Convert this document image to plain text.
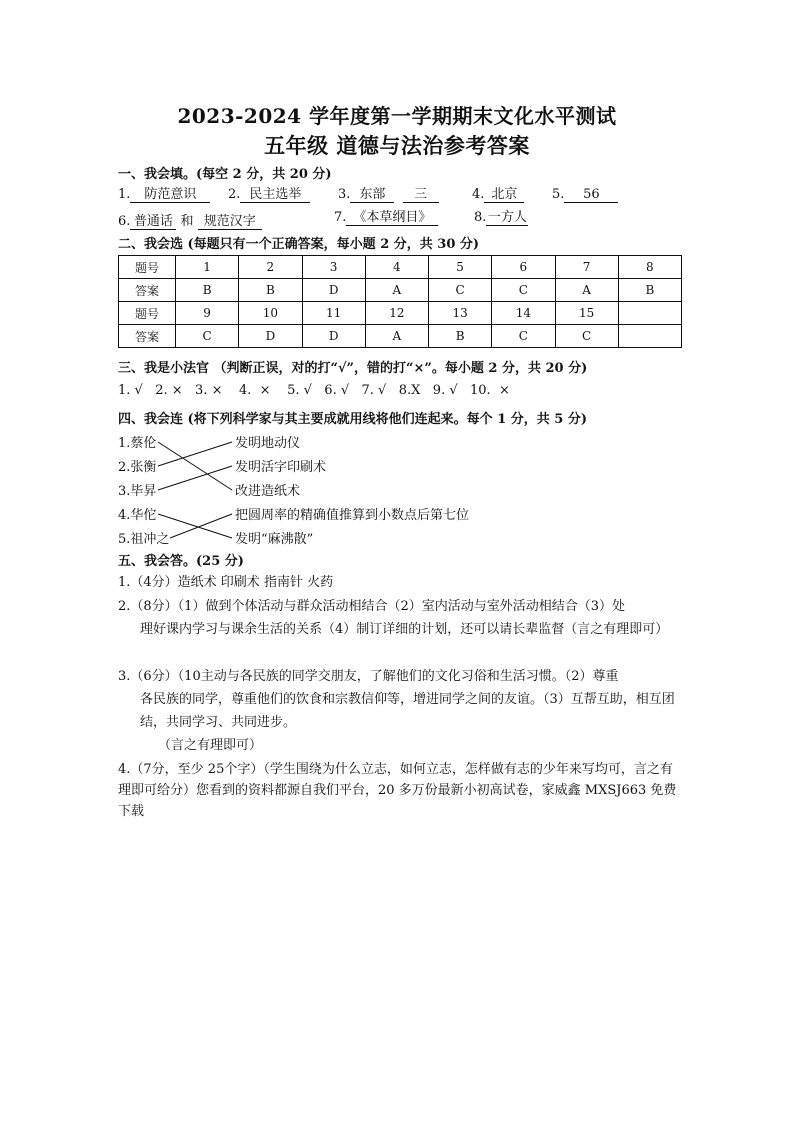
2023-2024 学年度第一学期期末文化水平测试
五年级 道德与法治参考答案
一、我会填。(每空 2 分，共 20 分)
1. 防范意识	2. 民主选举	3. 东部 三	4. 北京	5. 56
6. 普通话 和 规范汉字	7. 《本草纲目》	8.一方人
二、我会选 (每题只有一个正确答案，每小题 2 分，共 30 分)
题号	1	2	3	4	5	6	7	8
答案	B	B	D	A	C	C	A	B
题号	9	10	11	12	13	14	15	
答案	C	D	D	A	B	C	C	
三、我是小法官 （判断正误，对的打“√”，错的打“×”。每小题 2 分，共 20 分)
1. √   2. ×   3. ×    4.  ×    5. √   6. √   7. √   8.X   9. √   10.  ×
四、我会连 (将下列科学家与其主要成就用线将他们连起来。每个 1 分，共 5 分)
1.蔡伦
2.张衡
3.毕昇
4.华佗
5.祖冲之
发明地动仪
发明活字印刷术
改进造纸术
把圆周率的精确值推算到小数点后第七位
发明“麻沸散”
五、我会答。(25 分)
1.（4分）造纸术 印刷术 指南针 火药
2.（8分）（1）做到个体活动与群众活动相结合（2）室内活动与室外活动相结合（3）处
理好课内学习与课余生活的关系（4）制订详细的计划，还可以请长辈监督（言之有理即可）
3.（6分）（10主动与各民族的同学交朋友，了解他们的文化习俗和生活习惯。（2）尊重
各民族的同学，尊重他们的饮食和宗教信仰等，增进同学之间的友谊。（3）互帮互助，相互团结，共同学习、共同进步。
（言之有理即可）
4.（7分，至少 25个字）（学生围绕为什么立志，如何立志，怎样做有志的少年来写均可，言之有理即可给分）您看到的资料都源自我们平台，20 多万份最新小初高试卷，家威鑫 MXSJ663 免费下载
